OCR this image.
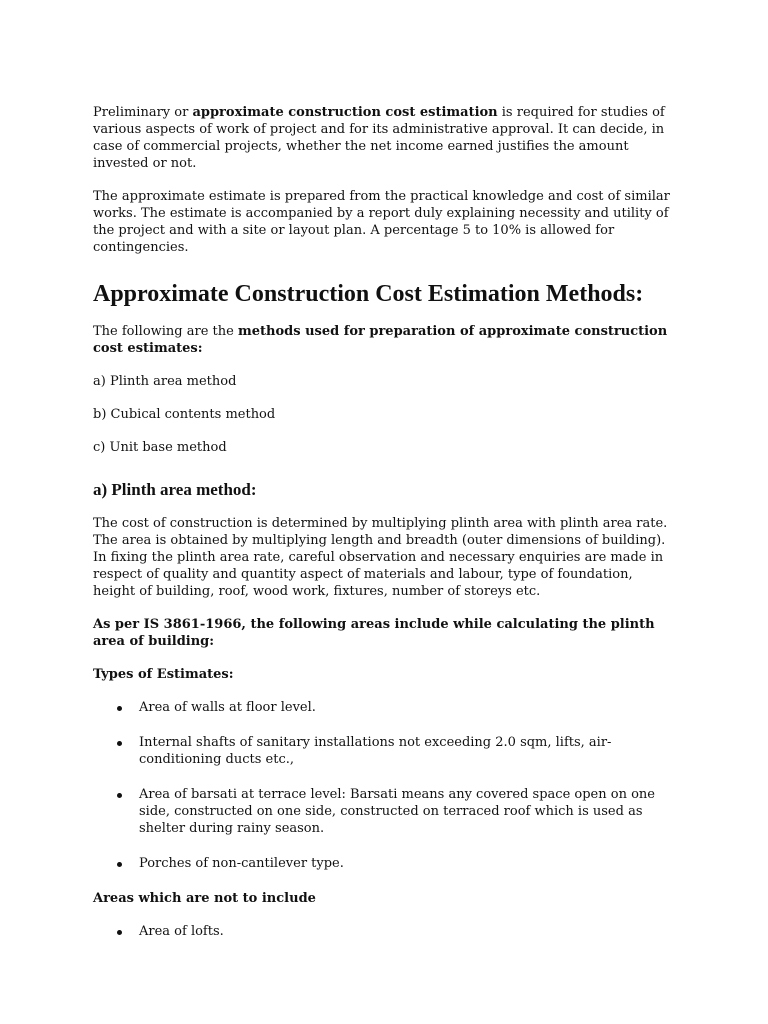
Preliminary or approximate construction cost estimation is required for studies of various aspects of work of project and for its administrative approval. It can decide, in case of commercial projects, whether the net income earned justifies the amount invested or not.

The approximate estimate is prepared from the practical knowledge and cost of similar works. The estimate is accompanied by a report duly explaining necessity and utility of the project and with a site or layout plan. A percentage 5 to 10% is allowed for contingencies.

Approximate Construction Cost Estimation Methods:

The following are the methods used for preparation of approximate construction cost estimates:

a) Plinth area method

b) Cubical contents method

c) Unit base method

a) Plinth area method:

The cost of construction is determined by multiplying plinth area with plinth area rate. The area is obtained by multiplying length and breadth (outer dimensions of building). In fixing the plinth area rate, careful observation and necessary enquiries are made in respect of quality and quantity aspect of materials and labour, type of foundation, height of building, roof, wood work, fixtures, number of storeys etc.

As per IS 3861-1966, the following areas include while calculating the plinth area of building:

Types of Estimates:

Area of walls at floor level.
Internal shafts of sanitary installations not exceeding 2.0 sqm, lifts, air-conditioning ducts etc.,
Area of barsati at terrace level: Barsati means any covered space open on one side, constructed on one side, constructed on terraced roof which is used as shelter during rainy season.
Porches of non-cantilever type.

Areas which are not to include

Area of lofts.
